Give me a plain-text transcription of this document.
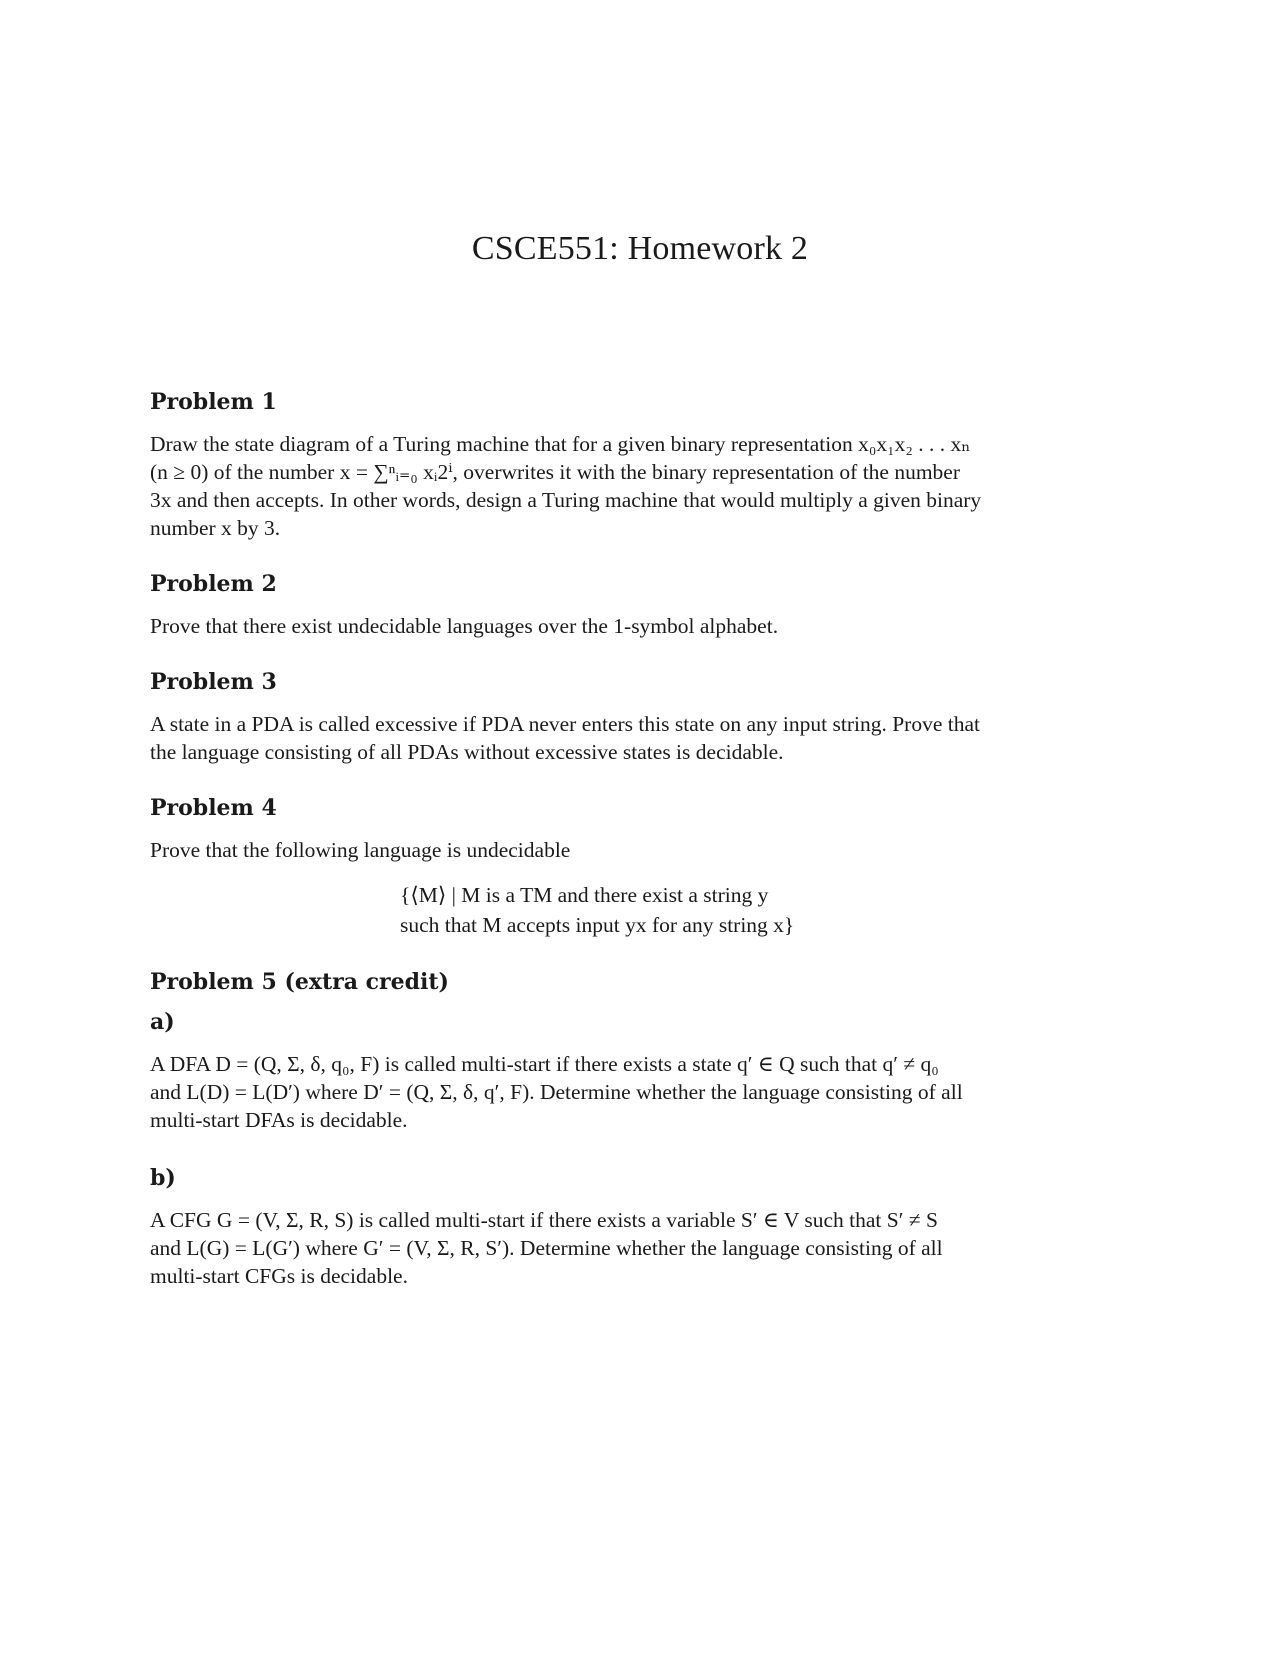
CSCE551: Homework 2
Problem 1

Draw the state diagram of a Turing machine that for a given binary representation x₀x₁x₂ . . . xₙ

(n ≥ 0) of the number x = ∑ⁿᵢ₌₀ xᵢ2ⁱ, overwrites it with the binary representation of the number

3x and then accepts. In other words, design a Turing machine that would multiply a given binary

number x by 3.

Problem 2

Prove that there exist undecidable languages over the 1-symbol alphabet.

Problem 3

A state in a PDA is called excessive if PDA never enters this state on any input string. Prove that

the language consisting of all PDAs without excessive states is decidable.

Problem 4

Prove that the following language is undecidable

{⟨M⟩ | M is a TM and there exist a string y

such that M accepts input yx for any string x}

Problem 5 (extra credit)
a)

A DFA D = (Q, Σ, δ, q₀, F) is called multi-start if there exists a state q′ ∈ Q such that q′ ≠ q₀

and L(D) = L(D′) where D′ = (Q, Σ, δ, q′, F). Determine whether the language consisting of all

multi-start DFAs is decidable.

b)

A CFG G = (V, Σ, R, S) is called multi-start if there exists a variable S′ ∈ V such that S′ ≠ S

and L(G) = L(G′) where G′ = (V, Σ, R, S′). Determine whether the language consisting of all

multi-start CFGs is decidable.
